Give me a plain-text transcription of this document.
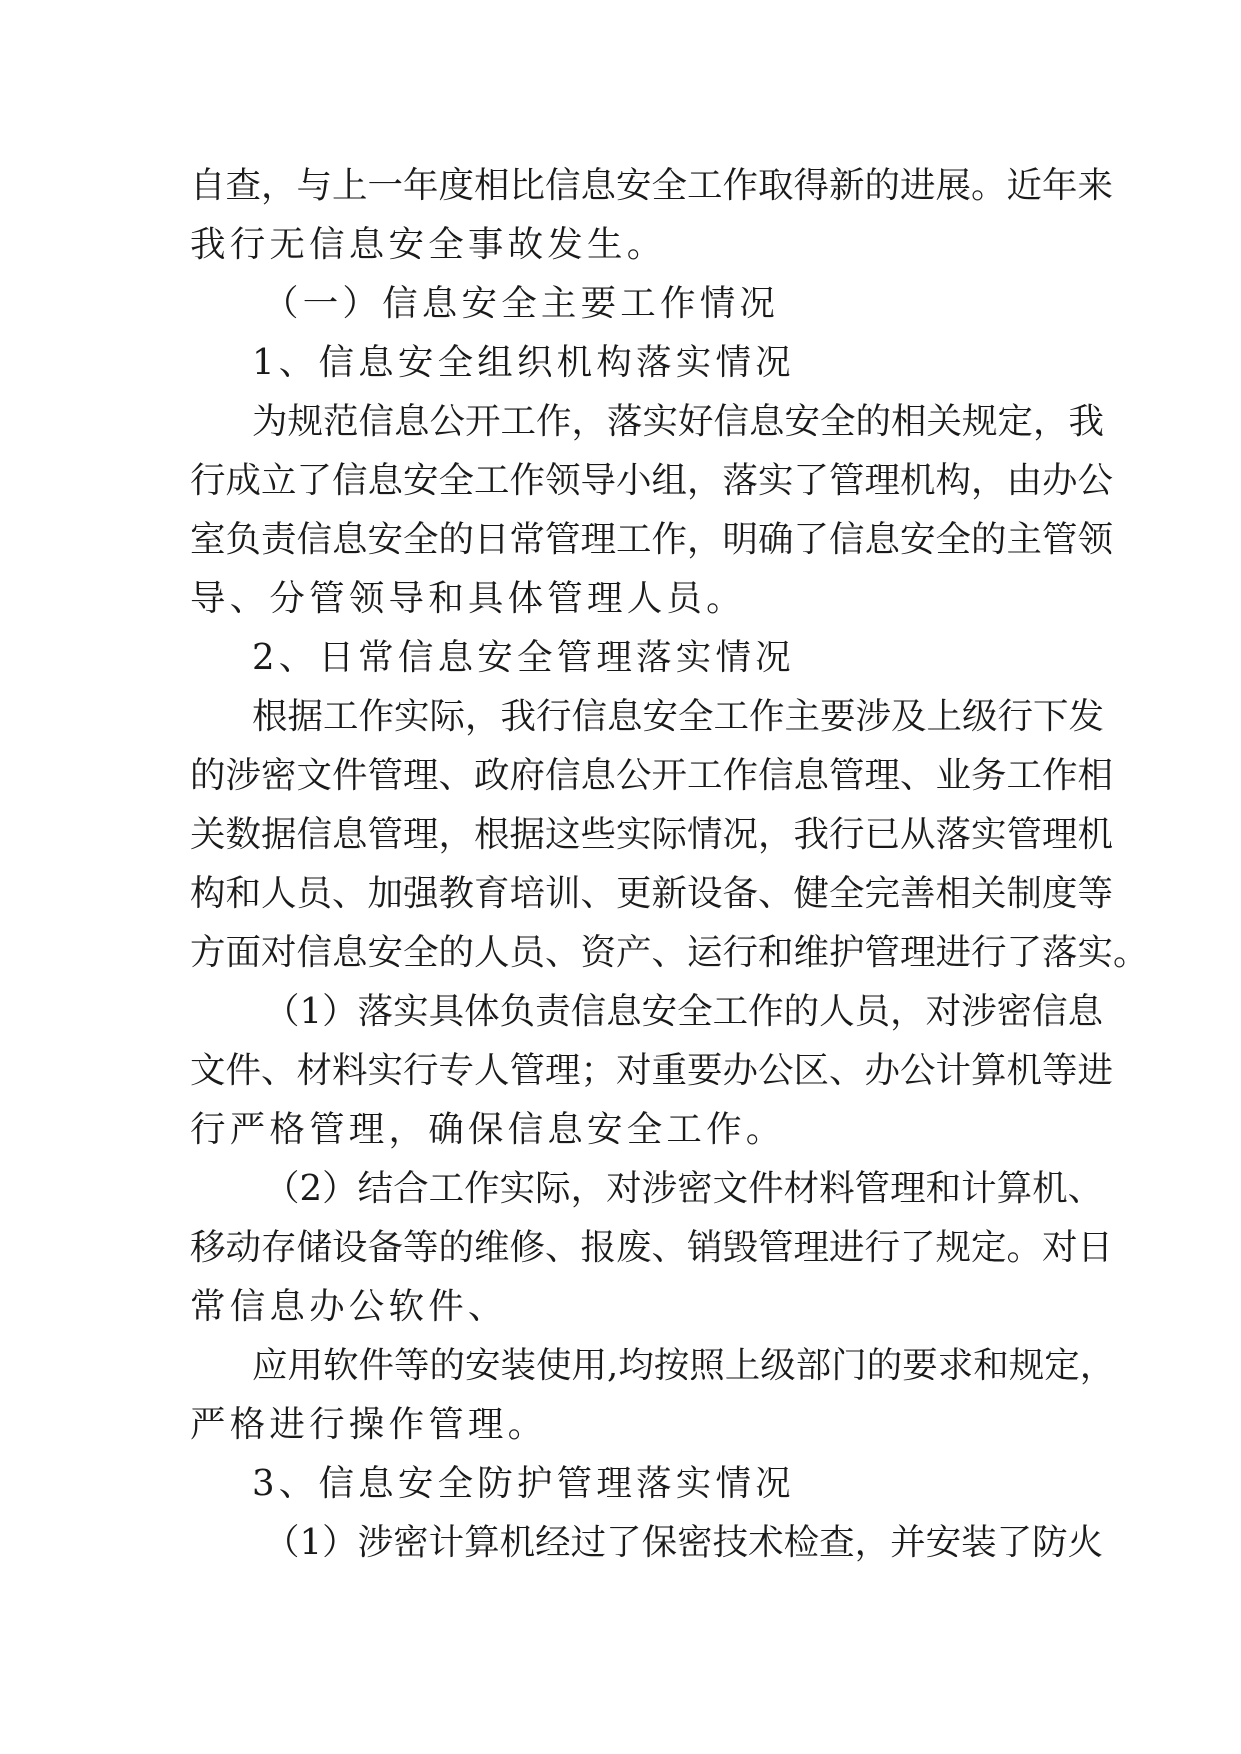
自查，与上一年度相比信息安全工作取得新的进展。近年来
我行无信息安全事故发生。
（一）信息安全主要工作情况
1、信息安全组织机构落实情况
为规范信息公开工作，落实好信息安全的相关规定，我
行成立了信息安全工作领导小组，落实了管理机构，由办公
室负责信息安全的日常管理工作，明确了信息安全的主管领
导、分管领导和具体管理人员。
2、日常信息安全管理落实情况
根据工作实际，我行信息安全工作主要涉及上级行下发
的涉密文件管理、政府信息公开工作信息管理、业务工作相
关数据信息管理，根据这些实际情况，我行已从落实管理机
构和人员、加强教育培训、更新设备、健全完善相关制度等
方面对信息安全的人员、资产、运行和维护管理进行了落实。
（1）落实具体负责信息安全工作的人员，对涉密信息
文件、材料实行专人管理；对重要办公区、办公计算机等进
行严格管理，确保信息安全工作。
（2）结合工作实际，对涉密文件材料管理和计算机、
移动存储设备等的维修、报废、销毁管理进行了规定。对日
常信息办公软件、
应用软件等的安装使用,均按照上级部门的要求和规定，
严格进行操作管理。
3、信息安全防护管理落实情况
（1）涉密计算机经过了保密技术检查，并安装了防火
